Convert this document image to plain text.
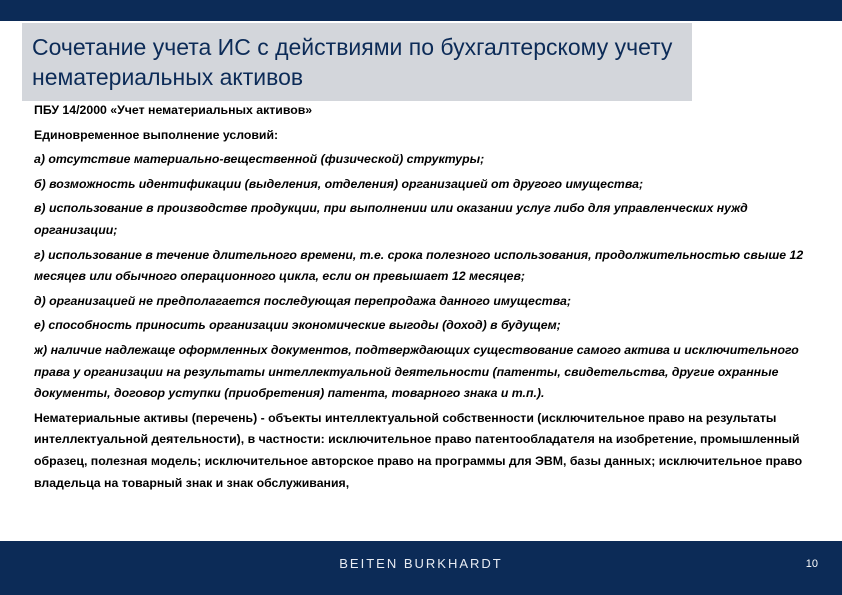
Сочетание учета ИС с действиями по бухгалтерскому учету нематериальных активов

ПБУ 14/2000 «Учет нематериальных активов»

Единовременное выполнение условий:

а) отсутствие материально-вещественной (физической) структуры;

б) возможность идентификации (выделения, отделения) организацией от другого имущества;

в) использование в производстве продукции, при выполнении или оказании услуг либо для управленческих нужд организации;

г) использование в течение длительного времени, т.е. срока полезного использования, продолжительностью свыше 12 месяцев или обычного операционного цикла, если он превышает 12 месяцев;

д) организацией не предполагается последующая перепродажа данного имущества;

е) способность приносить организации экономические выгоды (доход) в будущем;

ж) наличие надлежаще оформленных документов, подтверждающих существование самого актива и исключительного права у организации на результаты интеллектуальной деятельности (патенты, свидетельства, другие охранные документы, договор уступки (приобретения) патента, товарного знака и т.п.).

Нематериальные активы (перечень) - объекты интеллектуальной собственности (исключительное право на результаты интеллектуальной деятельности), в частности: исключительное право патентообладателя на изобретение, промышленный образец, полезная модель; исключительное авторское право на программы для ЭВМ, базы данных; исключительное право владельца на товарный знак и знак обслуживания,

BEITEN BURKHARDT	10
